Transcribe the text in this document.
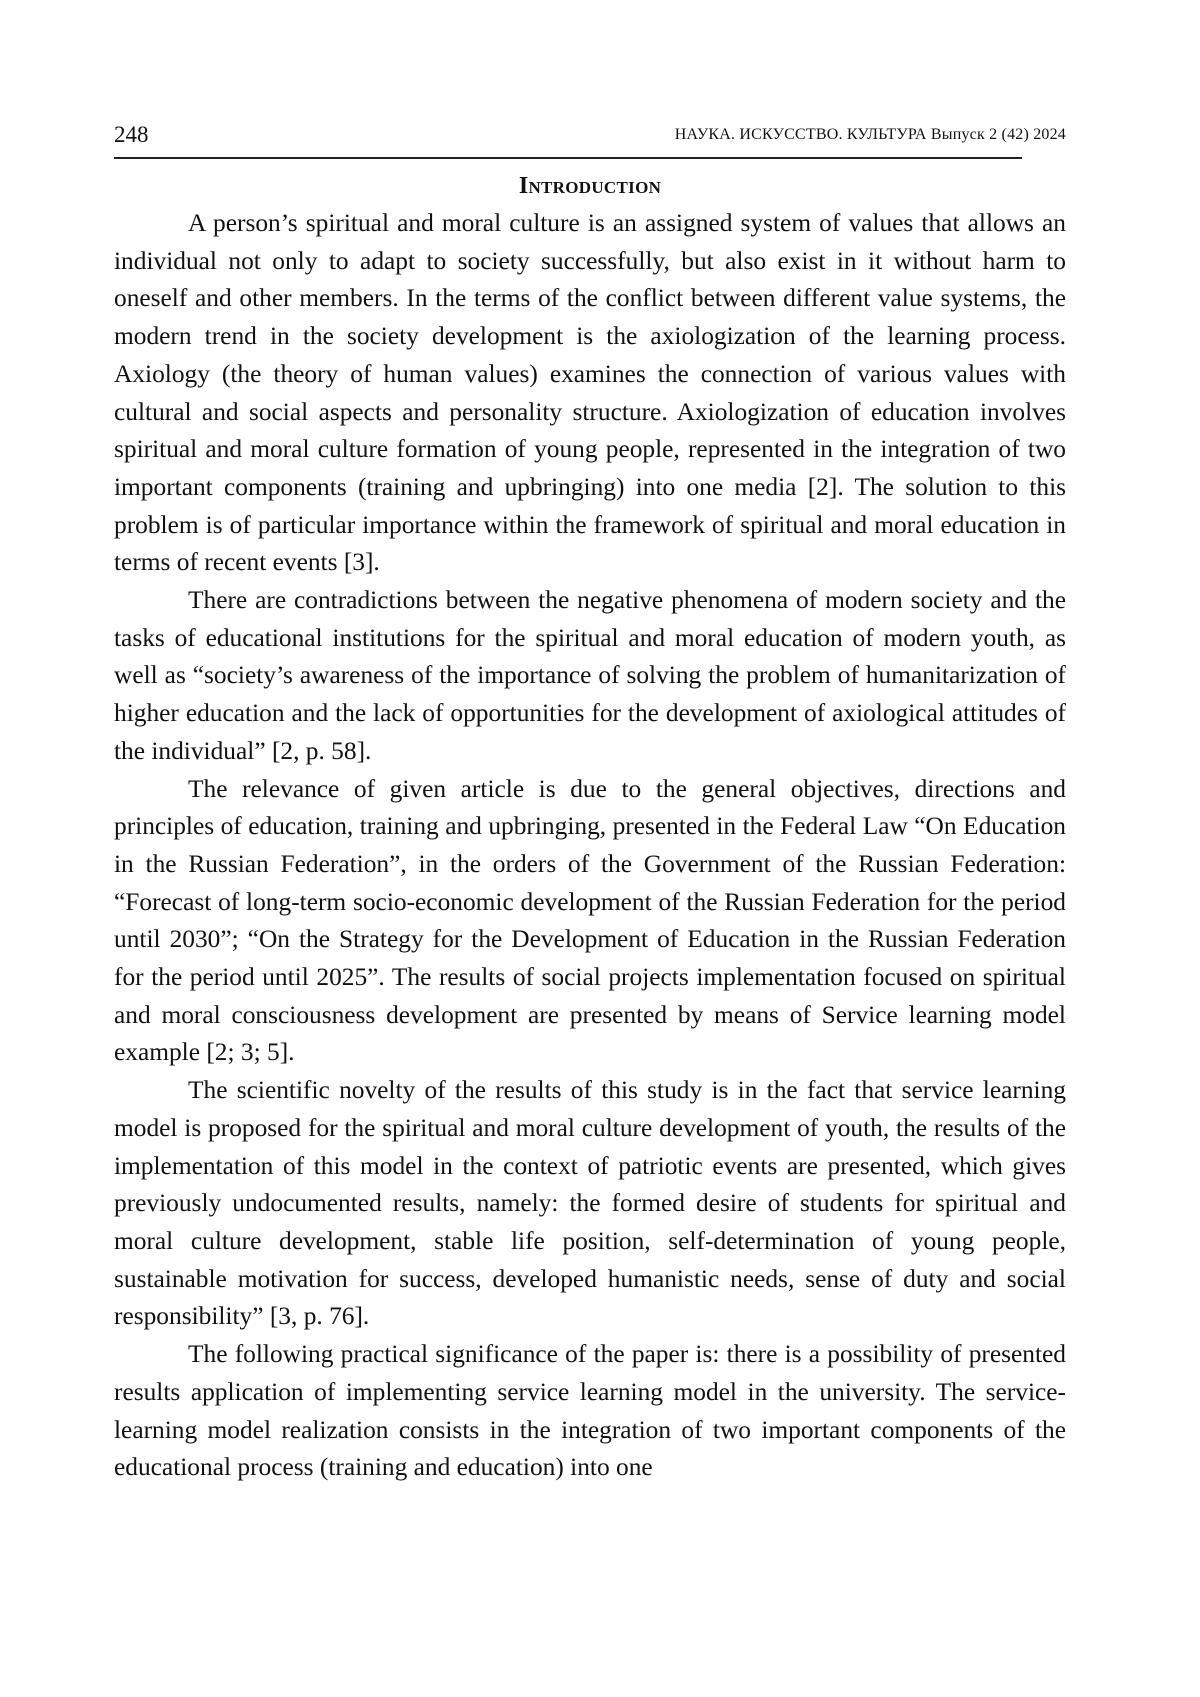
248	НАУКА. ИСКУССТВО. КУЛЬТУРА Выпуск 2 (42) 2024
Introduction

A person’s spiritual and moral culture is an assigned system of values that allows an individual not only to adapt to society successfully, but also exist in it without harm to oneself and other members. In the terms of the conflict between different value systems, the modern trend in the society development is the axiologization of the learning process. Axiology (the theory of human values) examines the connection of various values with cultural and social aspects and personality structure. Axiologization of education involves spiritual and moral culture formation of young people, represented in the integration of two important components (training and upbringing) into one media [2]. The solution to this problem is of particular importance within the framework of spiritual and moral education in terms of recent events [3].

There are contradictions between the negative phenomena of modern society and the tasks of educational institutions for the spiritual and moral education of modern youth, as well as “society’s awareness of the importance of solving the problem of humanitarization of higher education and the lack of opportunities for the development of axiological attitudes of the individual” [2, p. 58].

The relevance of given article is due to the general objectives, directions and principles of education, training and upbringing, presented in the Federal Law “On Education in the Russian Federation”, in the orders of the Government of the Russian Federation: “Forecast of long-term socio-economic development of the Russian Federation for the period until 2030”; “On the Strategy for the Development of Education in the Russian Federation for the period until 2025”. The results of social projects implementation focused on spiritual and moral consciousness development are presented by means of Service learning model example [2; 3; 5].

The scientific novelty of the results of this study is in the fact that service learning model is proposed for the spiritual and moral culture development of youth, the results of the implementation of this model in the context of patriotic events are presented, which gives previously undocumented results, namely: the formed desire of students for spiritual and moral culture development, stable life position, self-determination of young people, sustainable motivation for success, developed humanistic needs, sense of duty and social responsibility” [3, p. 76].

The following practical significance of the paper is: there is a possibility of presented results application of implementing service learning model in the university. The service-learning model realization consists in the integration of two important components of the educational process (training and education) into one
